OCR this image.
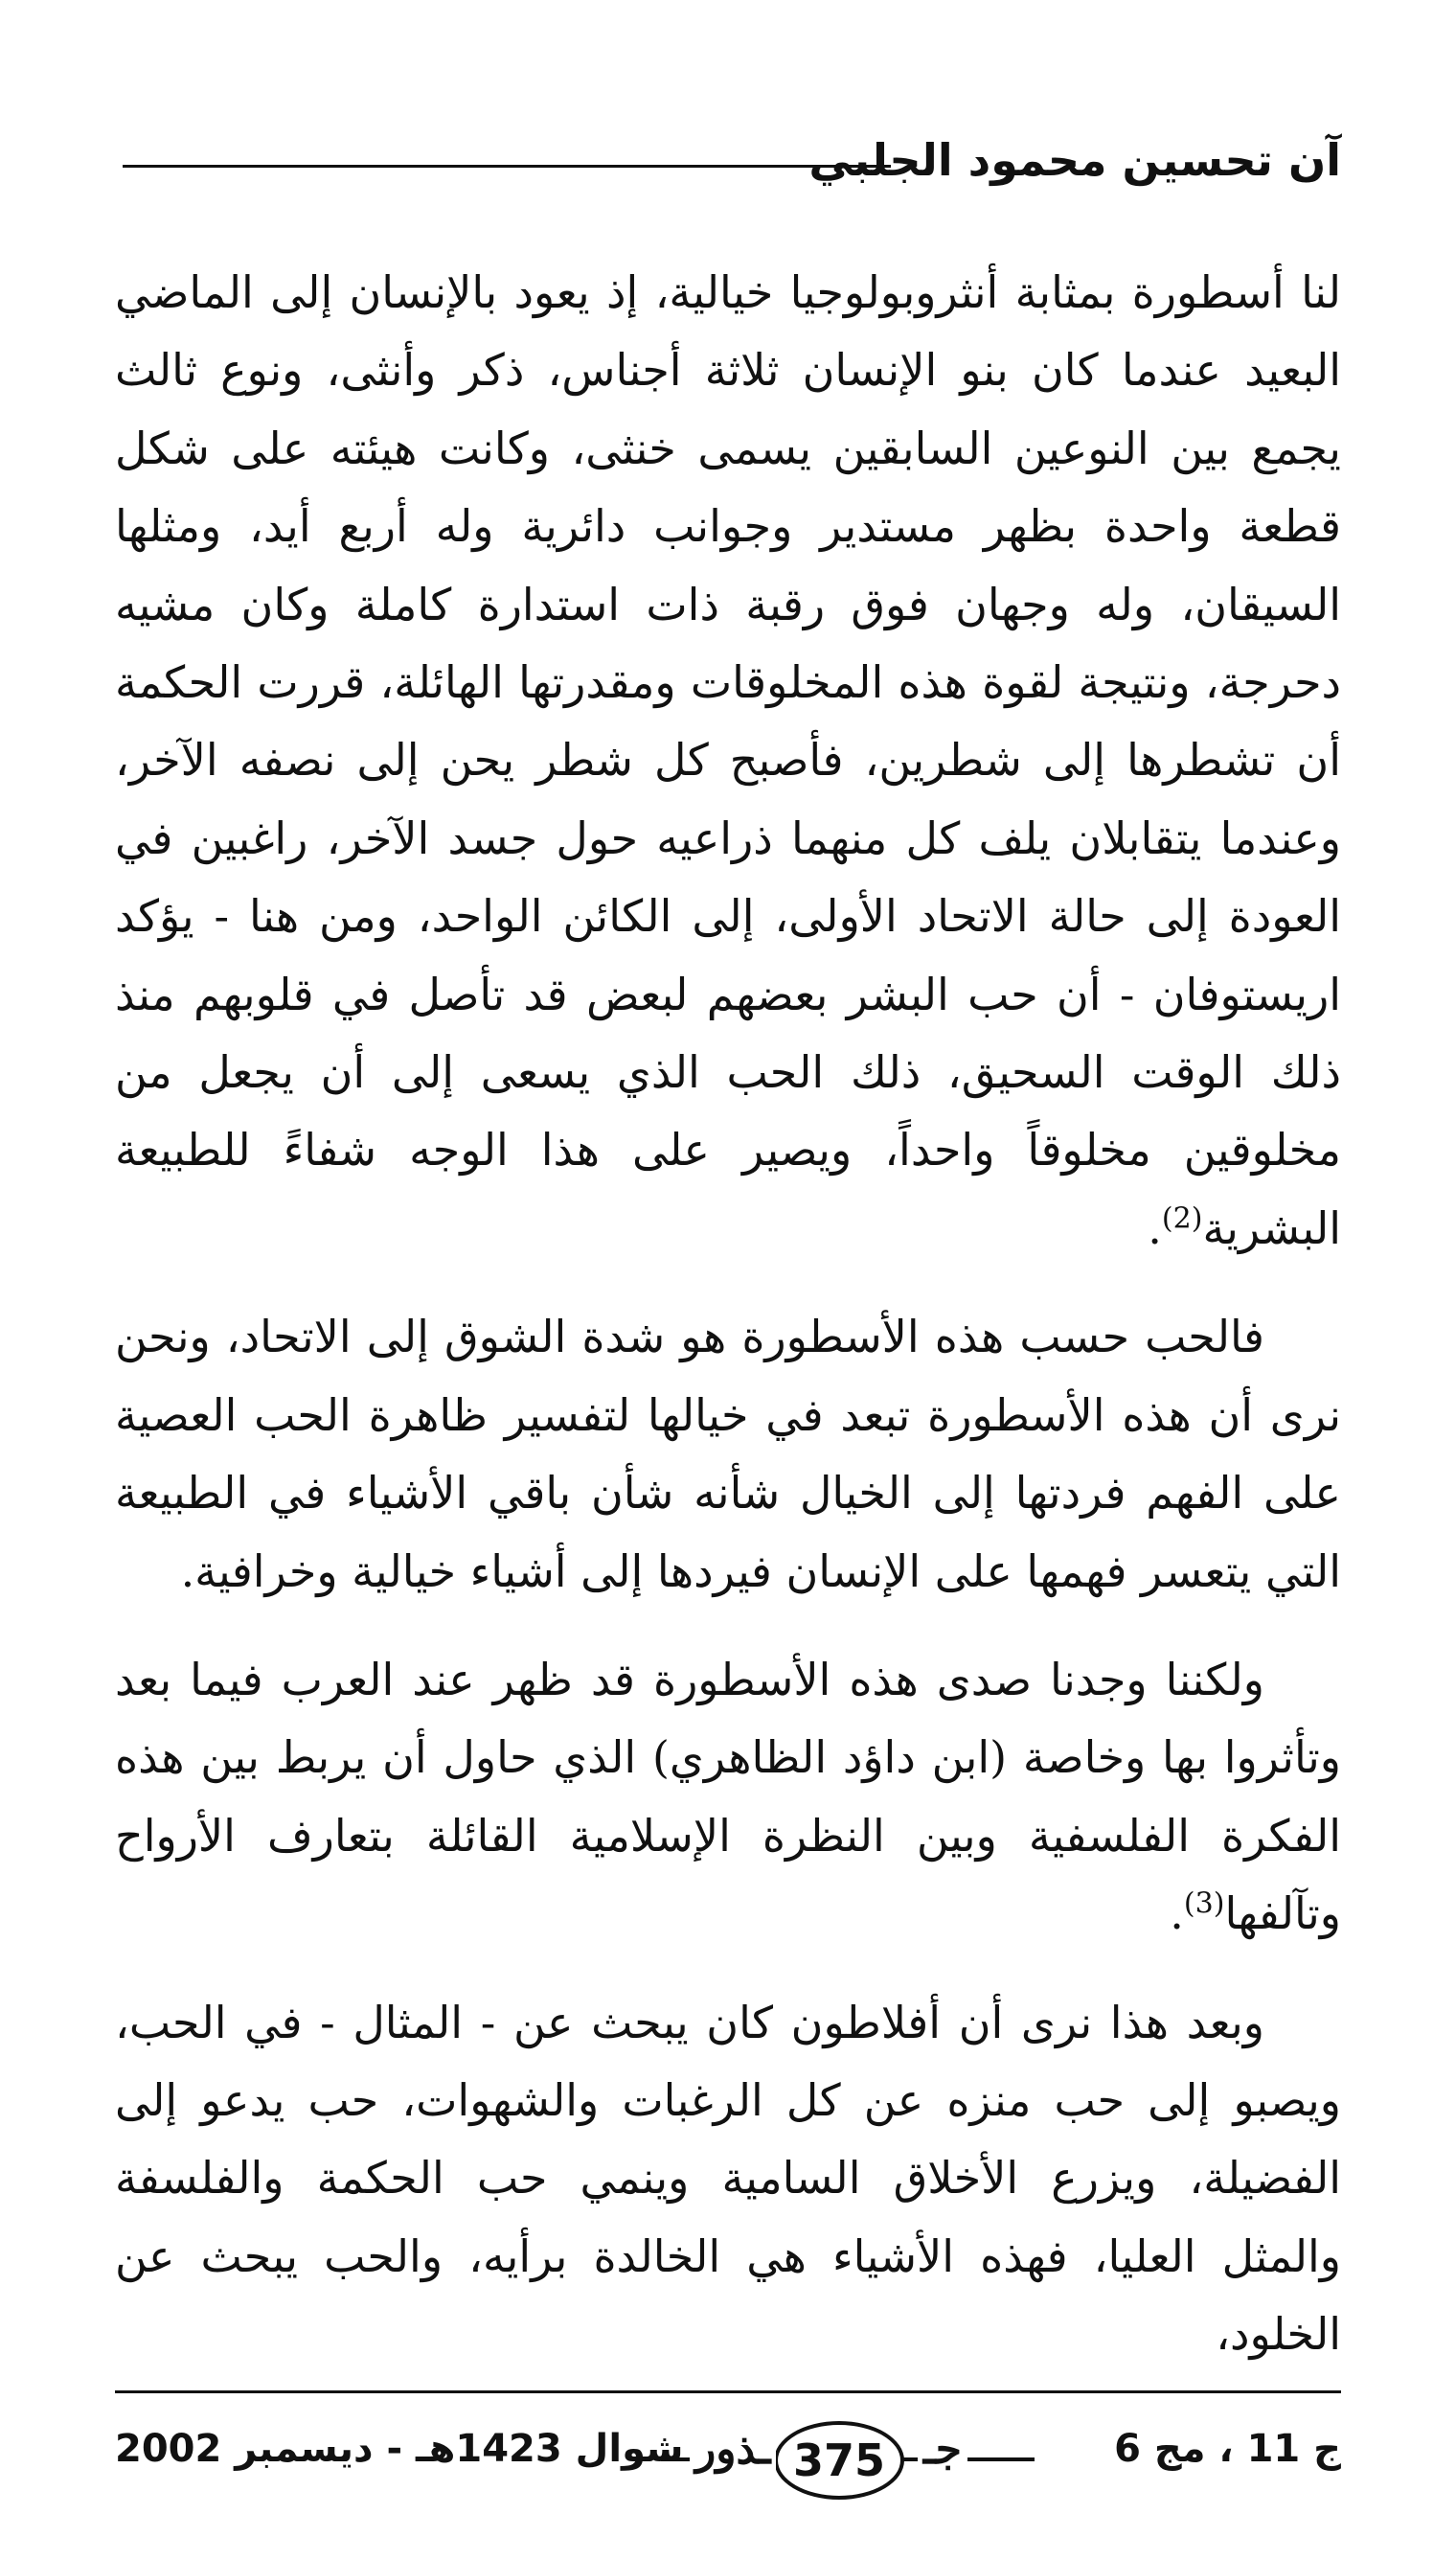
آن تحسين محمود الجلبي

لنا أسطورة بمثابة أنثروبولوجيا خيالية، إذ يعود بالإنسان إلى الماضي البعيد عندما كان بنو الإنسان ثلاثة أجناس، ذكر وأنثى، ونوع ثالث يجمع بين النوعين السابقين يسمى خنثى، وكانت هيئته على شكل قطعة واحدة بظهر مستدير وجوانب دائرية وله أربع أيد، ومثلها السيقان، وله وجهان فوق رقبة ذات استدارة كاملة وكان مشيه دحرجة، ونتيجة لقوة هذه المخلوقات ومقدرتها الهائلة، قررت الحكمة أن تشطرها إلى شطرين، فأصبح كل شطر يحن إلى نصفه الآخر، وعندما يتقابلان يلف كل منهما ذراعيه حول جسد الآخر، راغبين في العودة إلى حالة الاتحاد الأولى، إلى الكائن الواحد، ومن هنا - يؤكد اريستوفان - أن حب البشر بعضهم لبعض قد تأصل في قلوبهم منذ ذلك الوقت السحيق، ذلك الحب الذي يسعى إلى أن يجعل من مخلوقين مخلوقاً واحداً، ويصير على هذا الوجه شفاءً للطبيعة البشرية$^{(2)}$.

فالحب حسب هذه الأسطورة هو شدة الشوق إلى الاتحاد، ونحن نرى أن هذه الأسطورة تبعد في خيالها لتفسير ظاهرة الحب العصية على الفهم فردتها إلى الخيال شأنه شأن باقي الأشياء في الطبيعة التي يتعسر فهمها على الإنسان فيردها إلى أشياء خيالية وخرافية.

ولكننا وجدنا صدى هذه الأسطورة قد ظهر عند العرب فيما بعد وتأثروا بها وخاصة (ابن داؤد الظاهري) الذي حاول أن يربط بين هذه الفكرة الفلسفية وبين النظرة الإسلامية القائلة بتعارف الأرواح وتآلفها$^{(3)}$.

وبعد هذا نرى أن أفلاطون كان يبحث عن - المثال - في الحب، ويصبو إلى حب منزه عن كل الرغبات والشهوات، حب يدعو إلى الفضيلة، ويزرع الأخلاق السامية وينمي حب الحكمة والفلسفة والمثل العليا، فهذه الأشياء هي الخالدة برأيه، والحب يبحث عن الخلود،

ج 11 ، مج 6
جـ
375
ـذور
شوال 1423هـ - ديسمبر 2002
